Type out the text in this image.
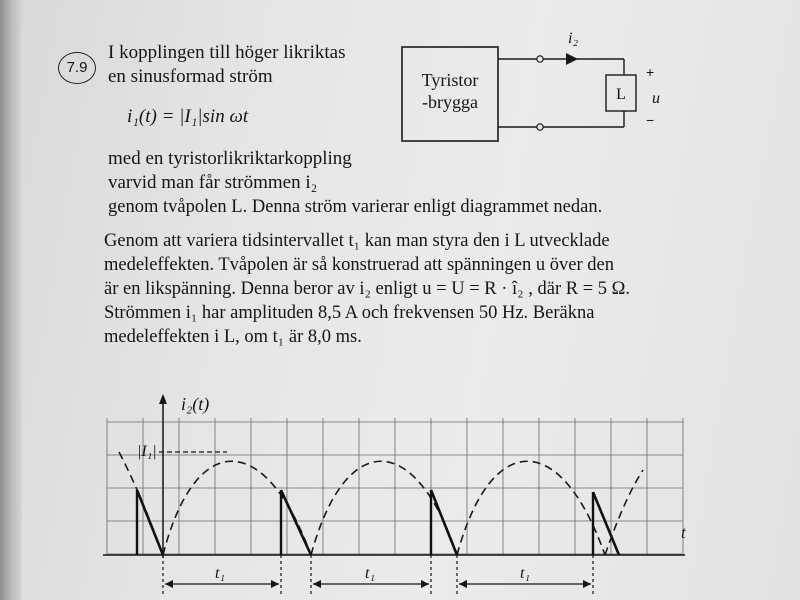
7.9
I kopplingen till höger likriktas
en sinusformad ström
i₁(t) = |I₁|sin ωt
med en tyristorlikriktarkoppling
varvid man får strömmen i₂
genom tvåpolen L. Denna ström varierar enligt diagrammet nedan.
Genom att variera tidsintervallet t₁ kan man styra den i L utvecklade
medeleffekten. Tvåpolen är så konstruerad att spänningen u över den
är en likspänning. Denna beror av i₂ enligt u = U = R · î₂ , där R = 5 Ω.
Strömmen i₁ har amplituden 8,5 A och frekvensen 50 Hz. Beräkna
medeleffekten i L, om t₁ är 8,0 ms.
Tyristor
-brygga
i₂
L
+
u
−
i₂(t)
t
|I₁|
t₁	t₁	t₁
